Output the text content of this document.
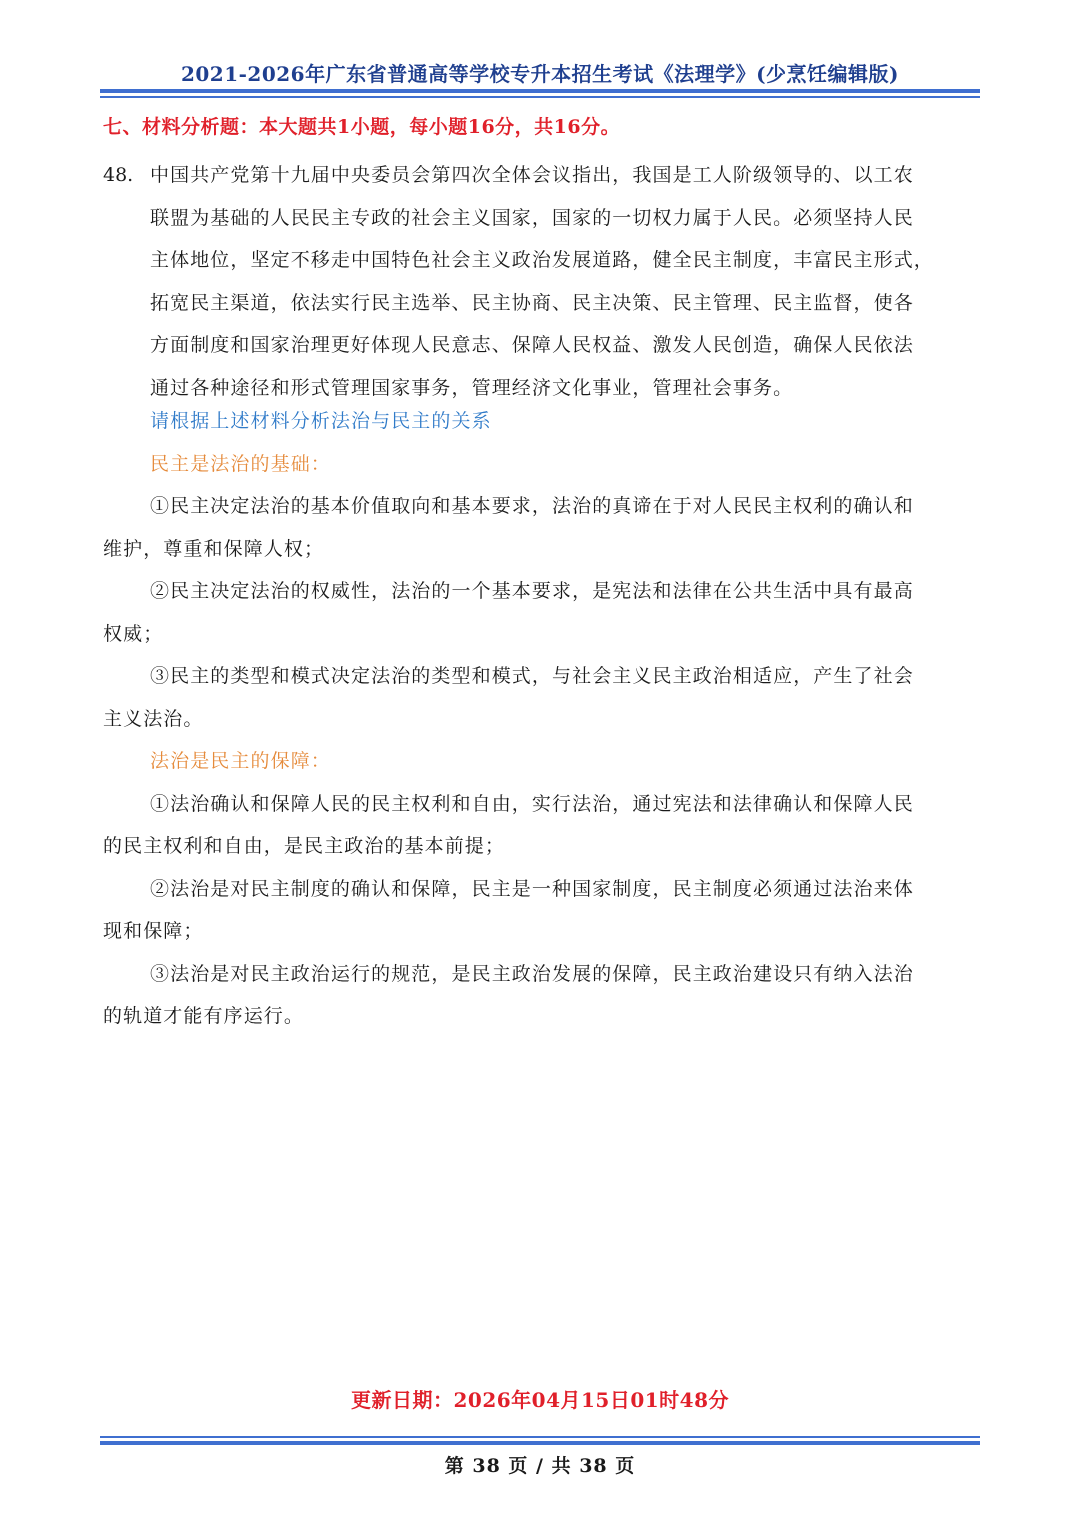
2021-2026年广东省普通高等学校专升本招生考试《法理学》(少烹饪编辑版)
七、材料分析题：本大题共1小题，每小题16分，共16分。
48. 中国共产党第十九届中央委员会第四次全体会议指出，我国是工人阶级领导的、以工农
联盟为基础的人民民主专政的社会主义国家，国家的一切权力属于人民。必须坚持人民
主体地位，坚定不移走中国特色社会主义政治发展道路，健全民主制度，丰富民主形式，
拓宽民主渠道，依法实行民主选举、民主协商、民主决策、民主管理、民主监督，使各
方面制度和国家治理更好体现人民意志、保障人民权益、激发人民创造，确保人民依法
通过各种途径和形式管理国家事务，管理经济文化事业，管理社会事务。
请根据上述材料分析法治与民主的关系
民主是法治的基础：
①民主决定法治的基本价值取向和基本要求，法治的真谛在于对人民民主权利的确认和
维护，尊重和保障人权；
②民主决定法治的权威性，法治的一个基本要求，是宪法和法律在公共生活中具有最高
权威；
③民主的类型和模式决定法治的类型和模式，与社会主义民主政治相适应，产生了社会
主义法治。
法治是民主的保障：
①法治确认和保障人民的民主权利和自由，实行法治，通过宪法和法律确认和保障人民
的民主权利和自由，是民主政治的基本前提；
②法治是对民主制度的确认和保障，民主是一种国家制度，民主制度必须通过法治来体
现和保障；
③法治是对民主政治运行的规范，是民主政治发展的保障，民主政治建设只有纳入法治
的轨道才能有序运行。
更新日期：2026年04月15日01时48分
第 38 页 / 共 38 页
